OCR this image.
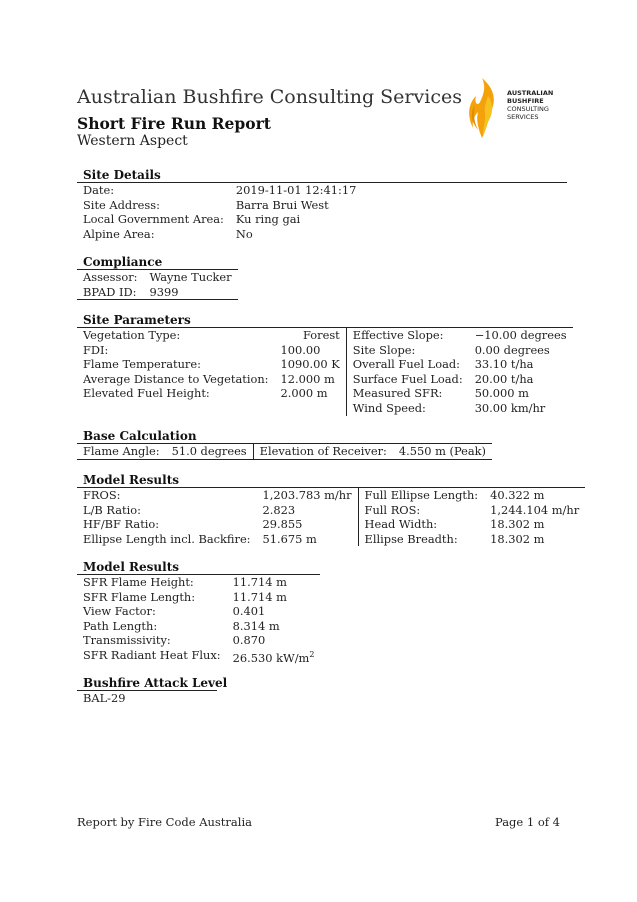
Australian Bushfire Consulting Services
Short Fire Run Report
Western Aspect
AUSTRALIAN
BUSHFIRE
CONSULTING
SERVICES
Site Details
Date:	2019-11-01 12:41:17
Site Address:	Barra Brui West
Local Government Area:	Ku ring gai
Alpine Area:	No
Compliance
Assessor:	Wayne Tucker
BPAD ID:	9399
Site Parameters
Vegetation Type:	Forest	Effective Slope:	−10.00 degrees
FDI:	100.00	Site Slope:	0.00 degrees
Flame Temperature:	1090.00 K	Overall Fuel Load:	33.10 t/ha
Average Distance to Vegetation:	12.000 m	Surface Fuel Load:	20.00 t/ha
Elevated Fuel Height:	2.000 m	Measured SFR:	50.000 m
		Wind Speed:	30.00 km/hr
Base Calculation
Flame Angle:	51.0 degrees	Elevation of Receiver:	4.550 m (Peak)
Model Results
FROS:	1,203.783 m/hr	Full Ellipse Length:	40.322 m
L/B Ratio:	2.823	Full ROS:	1,244.104 m/hr
HF/BF Ratio:	29.855	Head Width:	18.302 m
Ellipse Length incl. Backfire:	51.675 m	Ellipse Breadth:	18.302 m
Model Results
SFR Flame Height:	11.714 m
SFR Flame Length:	11.714 m
View Factor:	0.401
Path Length:	8.314 m
Transmissivity:	0.870
SFR Radiant Heat Flux:	26.530 $kW/m^2$
Bushfire Attack Level
BAL-29
Report by Fire Code Australia	Page 1 of 4
